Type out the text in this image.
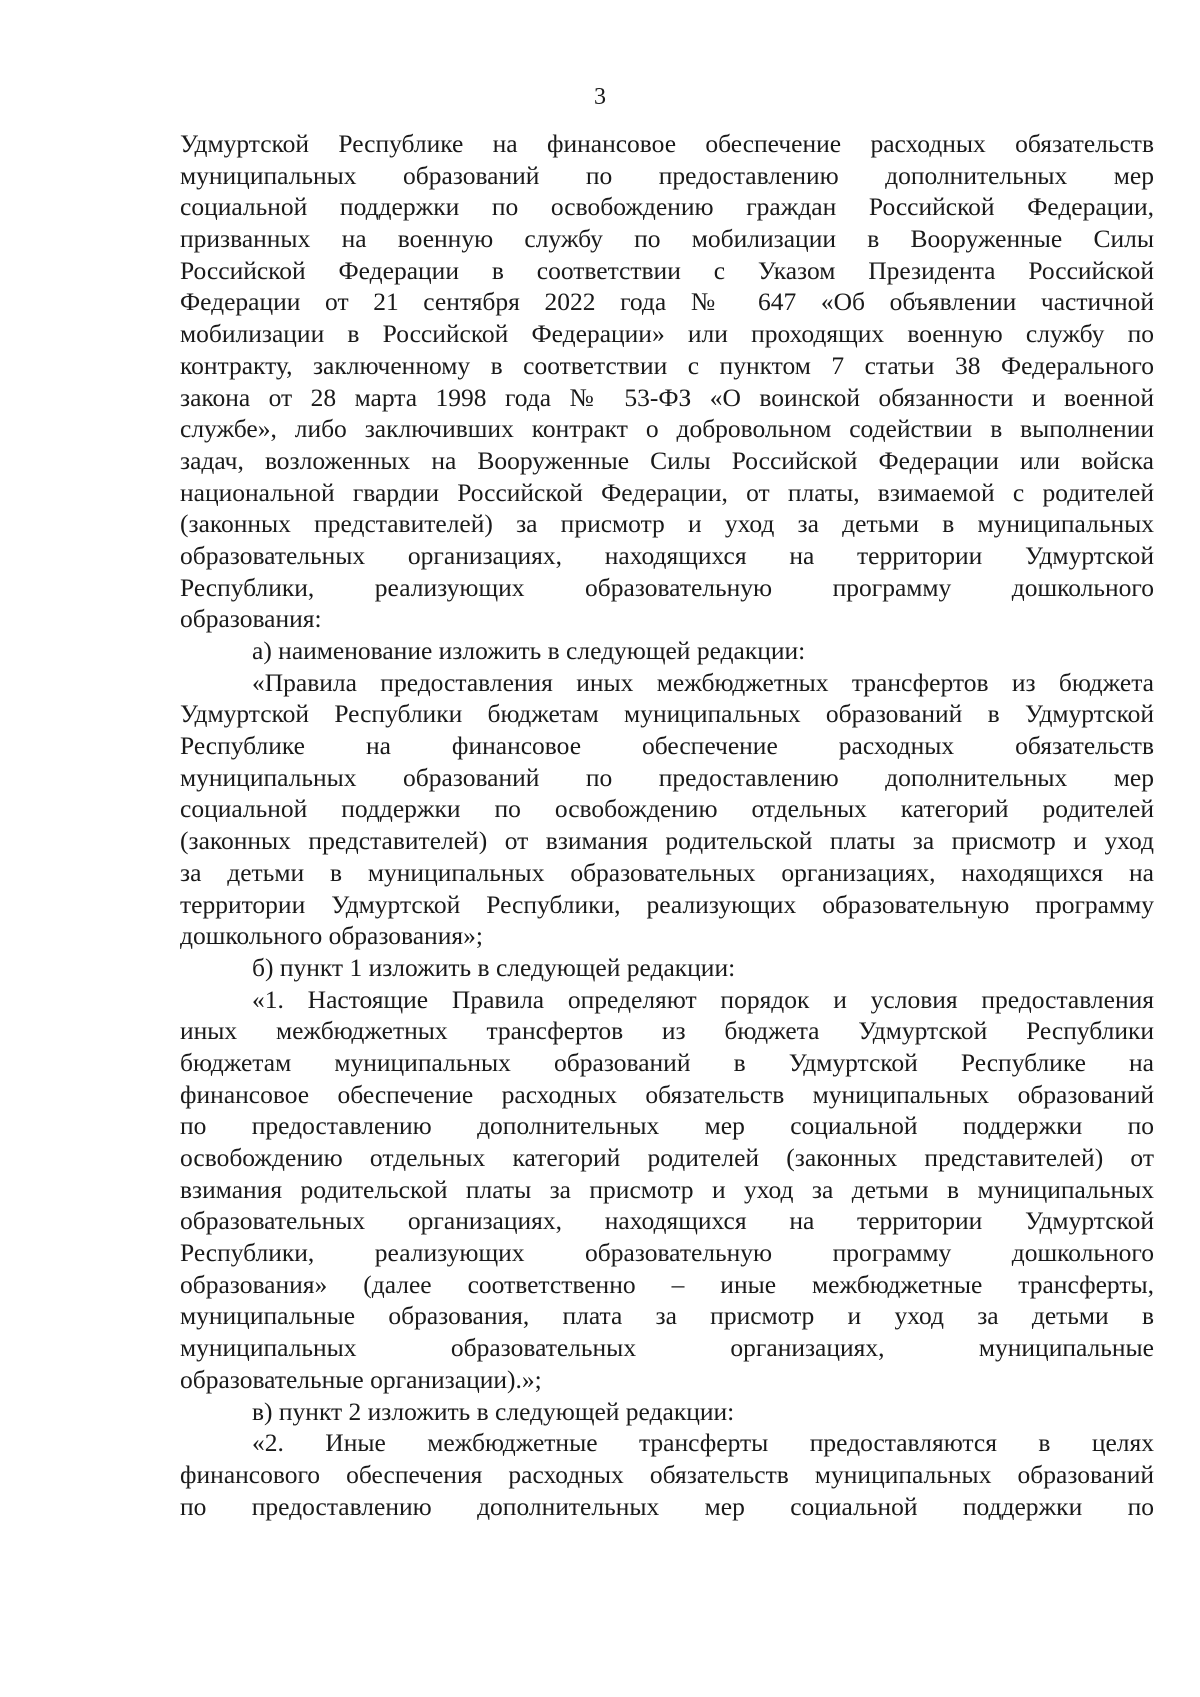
3
Удмуртской Республике на финансовое обеспечение расходных обязательств
муниципальных образований по предоставлению дополнительных мер
социальной поддержки по освобождению граждан Российской Федерации,
призванных на военную службу по мобилизации в Вооруженные Силы
Российской Федерации в соответствии с Указом Президента Российской
Федерации от 21 сентября 2022 года № 647 «Об объявлении частичной
мобилизации в Российской Федерации» или проходящих военную службу по
контракту, заключенному в соответствии с пунктом 7 статьи 38 Федерального
закона от 28 марта 1998 года № 53-ФЗ «О воинской обязанности и военной
службе», либо заключивших контракт о добровольном содействии в выполнении
задач, возложенных на Вооруженные Силы Российской Федерации или войска
национальной гвардии Российской Федерации, от платы, взимаемой с родителей
(законных представителей) за присмотр и уход за детьми в муниципальных
образовательных организациях, находящихся на территории Удмуртской
Республики, реализующих образовательную программу дошкольного
образования:
а) наименование изложить в следующей редакции:
«Правила предоставления иных межбюджетных трансфертов из бюджета
Удмуртской Республики бюджетам муниципальных образований в Удмуртской
Республике на финансовое обеспечение расходных обязательств
муниципальных образований по предоставлению дополнительных мер
социальной поддержки по освобождению отдельных категорий родителей
(законных представителей) от взимания родительской платы за присмотр и уход
за детьми в муниципальных образовательных организациях, находящихся на
территории Удмуртской Республики, реализующих образовательную программу
дошкольного образования»;
б) пункт 1 изложить в следующей редакции:
«1. Настоящие Правила определяют порядок и условия предоставления
иных межбюджетных трансфертов из бюджета Удмуртской Республики
бюджетам муниципальных образований в Удмуртской Республике на
финансовое обеспечение расходных обязательств муниципальных образований
по предоставлению дополнительных мер социальной поддержки по
освобождению отдельных категорий родителей (законных представителей) от
взимания родительской платы за присмотр и уход за детьми в муниципальных
образовательных организациях, находящихся на территории Удмуртской
Республики, реализующих образовательную программу дошкольного
образования» (далее соответственно – иные межбюджетные трансферты,
муниципальные образования, плата за присмотр и уход за детьми в
муниципальных образовательных организациях, муниципальные
образовательные организации).»;
в) пункт 2 изложить в следующей редакции:
«2. Иные межбюджетные трансферты предоставляются в целях
финансового обеспечения расходных обязательств муниципальных образований
по предоставлению дополнительных мер социальной поддержки по
